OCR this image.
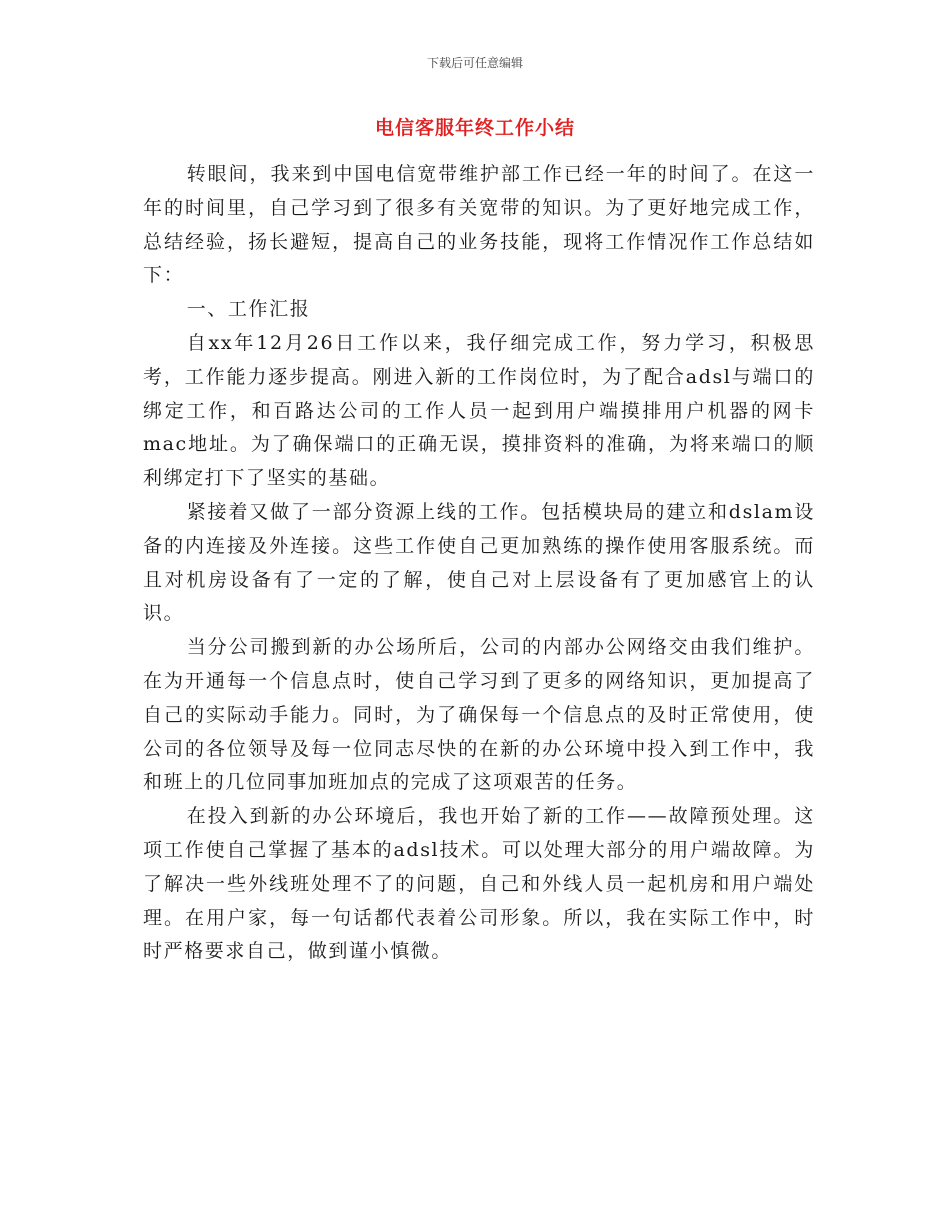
下载后可任意编辑
电信客服年终工作小结

转眼间，我来到中国电信宽带维护部工作已经一年的时间了。在这一年的时间里，自己学习到了很多有关宽带的知识。为了更好地完成工作，总结经验，扬长避短，提高自己的业务技能，现将工作情况作工作总结如下：

一、工作汇报

自xx年12月26日工作以来，我仔细完成工作，努力学习，积极思考，工作能力逐步提高。刚进入新的工作岗位时，为了配合adsl与端口的绑定工作，和百路达公司的工作人员一起到用户端摸排用户机器的网卡mac地址。为了确保端口的正确无误，摸排资料的准确，为将来端口的顺利绑定打下了坚实的基础。

紧接着又做了一部分资源上线的工作。包括模块局的建立和dslam设备的内连接及外连接。这些工作使自己更加熟练的操作使用客服系统。而且对机房设备有了一定的了解，使自己对上层设备有了更加感官上的认识。

当分公司搬到新的办公场所后，公司的内部办公网络交由我们维护。在为开通每一个信息点时，使自己学习到了更多的网络知识，更加提高了自己的实际动手能力。同时，为了确保每一个信息点的及时正常使用，使公司的各位领导及每一位同志尽快的在新的办公环境中投入到工作中，我和班上的几位同事加班加点的完成了这项艰苦的任务。

在投入到新的办公环境后，我也开始了新的工作——故障预处理。这项工作使自己掌握了基本的adsl技术。可以处理大部分的用户端故障。为了解决一些外线班处理不了的问题，自己和外线人员一起机房和用户端处理。在用户家，每一句话都代表着公司形象。所以，我在实际工作中，时时严格要求自己，做到谨小慎微。
